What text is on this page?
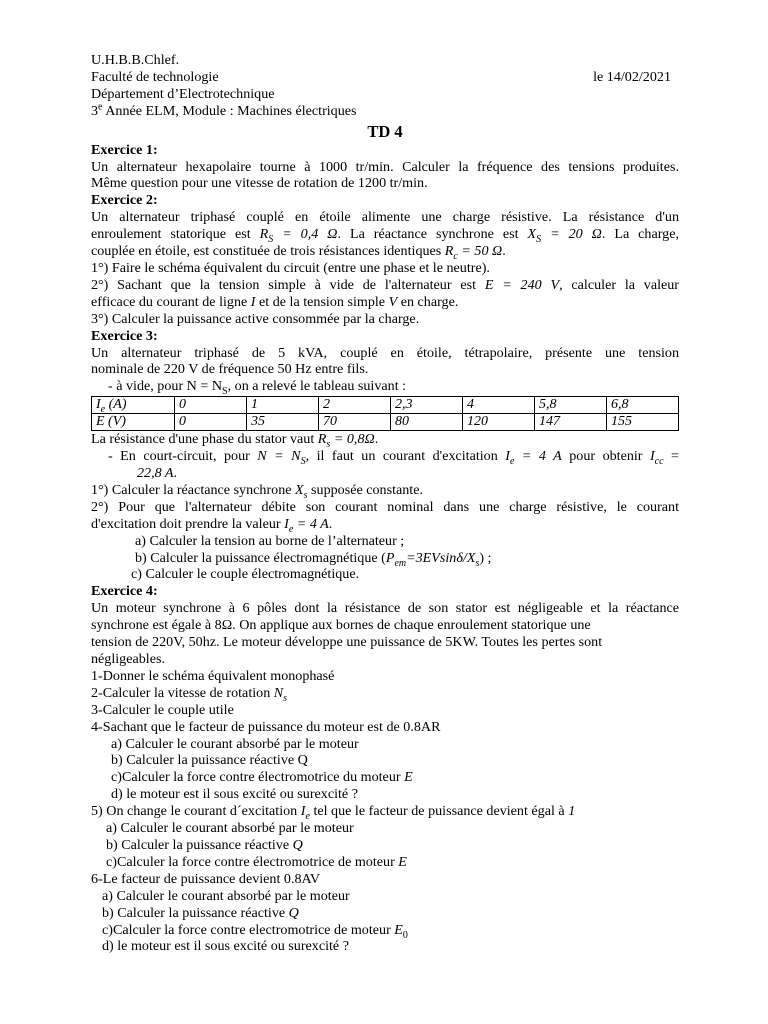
U.H.B.B.Chlef.
Faculté de technologie	le 14/02/2021
Département d’Electrotechnique
3e Année ELM, Module : Machines électriques
TD 4
Exercice 1:
Un alternateur hexapolaire tourne à 1000 tr/min. Calculer la fréquence des tensions produites.
Même question pour une vitesse de rotation de 1200 tr/min.
Exercice 2:
Un alternateur triphasé couplé en étoile alimente une charge résistive. La résistance d'un
enroulement statorique est $R_S = 0,4$ Ω. La réactance synchrone est $X_S = 20$ Ω. La charge,
couplée en étoile, est constituée de trois résistances identiques $R_c = 50$ Ω.
1°) Faire le schéma équivalent du circuit (entre une phase et le neutre).
2°) Sachant que la tension simple à vide de l'alternateur est E = 240 V, calculer la valeur
efficace du courant de ligne I et de la tension simple V en charge.
3°) Calculer la puissance active consommée par la charge.
Exercice 3:
Un alternateur triphasé de 5 kVA, couplé en étoile, tétrapolaire, présente une tension
nominale de 220 V de fréquence 50 Hz entre fils.
- à vide, pour $N = N_S$, on a relevé le tableau suivant :
$I_e$ (A)	0	1	2	2,3	4	5,8	6,8
E (V)	0	35	70	80	120	147	155
La résistance d'une phase du stator vaut $R_s = 0,8\Omega$.
- En court-circuit, pour $N = N_S$, il faut un courant d'excitation $I_e = 4$ A pour obtenir $I_{cc}$ =
22,8 A.
1°) Calculer la réactance synchrone $X_s$ supposée constante.
2°) Pour que l'alternateur débite son courant nominal dans une charge résistive, le courant
d'excitation doit prendre la valeur $I_e = 4$ A.
a) Calculer la tension au borne de l’alternateur ;
b) Calculer la puissance électromagnétique $(P_{em}=3EVsin\delta/X_s)$ ;
c) Calculer le couple électromagnétique.
Exercice 4:
Un moteur synchrone à 6 pôles dont la résistance de son stator est négligeable et la réactance
synchrone est égale à 8Ω. On applique aux bornes de chaque enroulement statorique une
tension de 220V, 50hz. Le moteur développe une puissance de 5KW. Toutes les pertes sont
négligeables.
1-Donner le schéma équivalent monophasé
2-Calculer la vitesse de rotation $N_s$
3-Calculer le couple utile
4-Sachant que le facteur de puissance du moteur est de 0.8AR
a) Calculer le courant absorbé par le moteur
b) Calculer la puissance réactive Q
c)Calculer la force contre électromotrice du moteur E
d) le moteur est il sous excité ou surexcité ?
5) On change le courant d´excitation $I_e$ tel que le facteur de puissance devient égal à 1
a) Calculer le courant absorbé par le moteur
b) Calculer la puissance réactive Q
c)Calculer la force contre électromotrice de moteur E
6-Le facteur de puissance devient 0.8AV
a) Calculer le courant absorbé par le moteur
b) Calculer la puissance réactive Q
c)Calculer la force contre electromotrice de moteur $E_0$
d) le moteur est il sous excité ou surexcité ?
